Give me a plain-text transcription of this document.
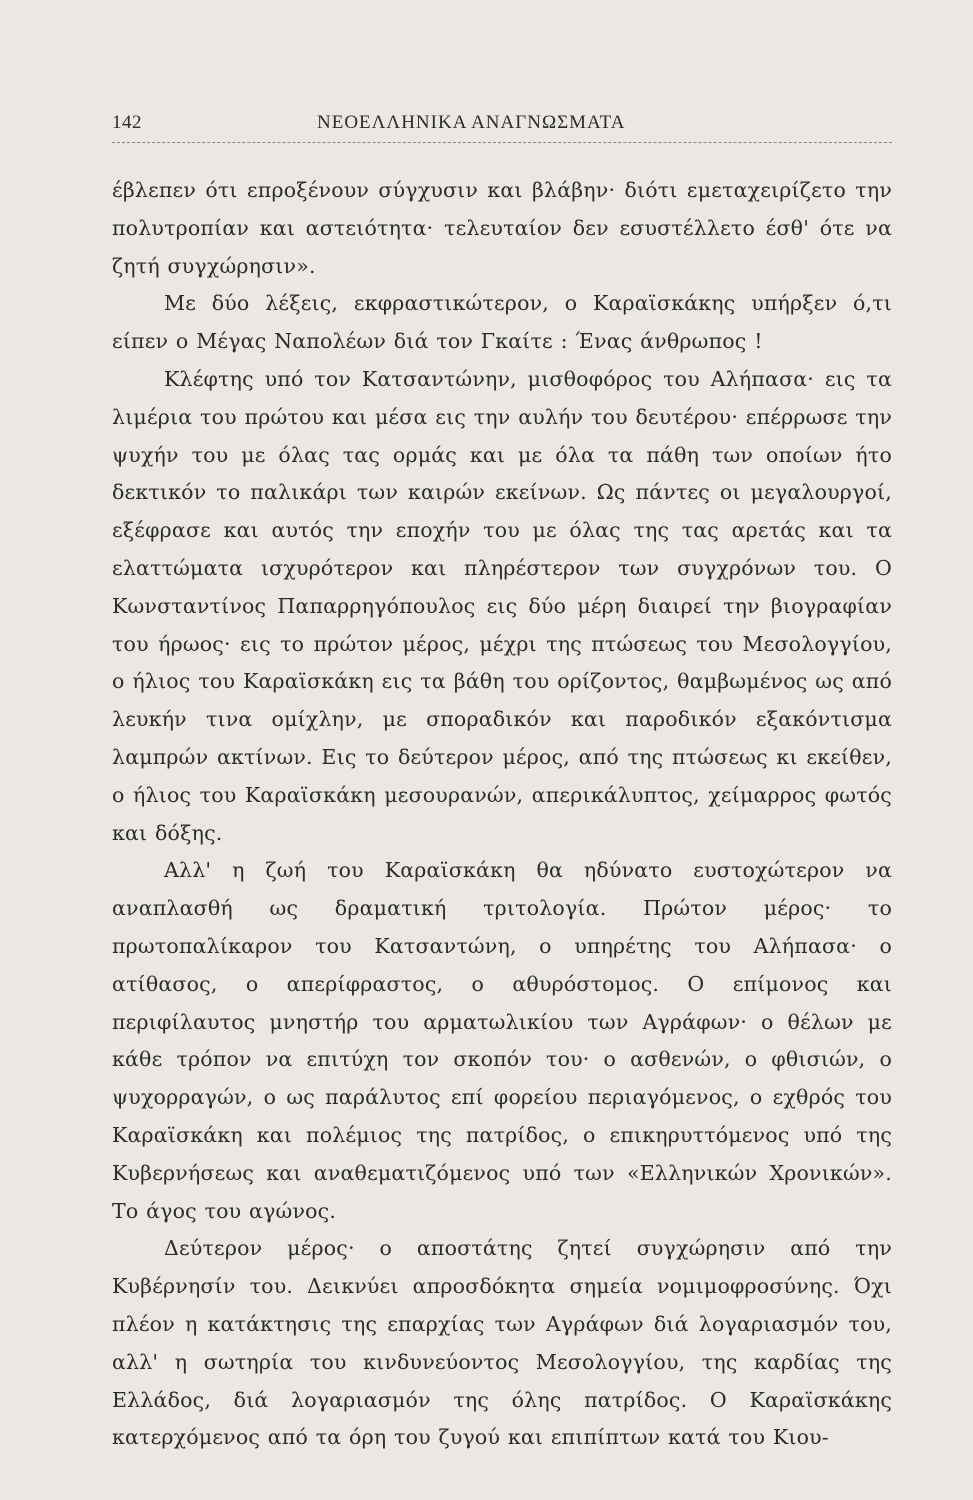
142	ΝΕΟΕΛΛΗΝΙΚΑ ΑΝΑΓΝΩΣΜΑΤΑ

έβλεπεν ότι επροξένουν σύγχυσιν και βλάβην· διότι εμεταχειρίζετο την πολυτροπίαν και αστειότητα· τελευταίον δεν εσυστέλλετο έσθ' ότε να ζητή συγχώρησιν».

Με δύο λέξεις, εκφραστικώτερον, ο Καραϊσκάκης υπήρξεν ό,τι είπεν ο Μέγας Ναπολέων διά τον Γκαίτε : Ένας άνθρωπος !

Κλέφτης υπό τον Κατσαντώνην, μισθοφόρος του Αλήπασα· εις τα λιμέρια του πρώτου και μέσα εις την αυλήν του δευτέρου· επέρρωσε την ψυχήν του με όλας τας ορμάς και με όλα τα πάθη των οποίων ήτο δεκτικόν το παλικάρι των καιρών εκείνων. Ως πάντες οι μεγαλουργοί, εξέφρασε και αυτός την εποχήν του με όλας της τας αρετάς και τα ελαττώματα ισχυρότερον και πληρέστερον των συγχρόνων του. Ο Κωνσταντίνος Παπαρρηγόπουλος εις δύο μέρη διαιρεί την βιογραφίαν του ήρωος· εις το πρώτον μέρος, μέχρι της πτώσεως του Μεσολογγίου, ο ήλιος του Καραϊσκάκη εις τα βάθη του ορίζοντος, θαμβωμένος ως από λευκήν τινα ομίχλην, με σποραδικόν και παροδικόν εξακόντισμα λαμπρών ακτίνων. Εις το δεύτερον μέρος, από της πτώσεως κι εκείθεν, ο ήλιος του Καραϊσκάκη μεσουρανών, απερικάλυπτος, χείμαρρος φωτός και δόξης.

Αλλ' η ζωή του Καραϊσκάκη θα ηδύνατο ευστοχώτερον να αναπλασθή ως δραματική τριτολογία. Πρώτον μέρος· το πρωτοπαλίκαρον του Κατσαντώνη, ο υπηρέτης του Αλήπασα· ο ατίθασος, ο απερίφραστος, ο αθυρόστομος. Ο επίμονος και περιφίλαυτος μνηστήρ του αρματωλικίου των Αγράφων· ο θέλων με κάθε τρόπον να επιτύχη τον σκοπόν του· ο ασθενών, ο φθισιών, ο ψυχορραγών, ο ως παράλυτος επί φορείου περιαγόμενος, ο εχθρός του Καραϊσκάκη και πολέμιος της πατρίδος, ο επικηρυττόμενος υπό της Κυβερνήσεως και αναθεματιζόμενος υπό των «Ελληνικών Χρονικών». Το άγος του αγώνος.

Δεύτερον μέρος· ο αποστάτης ζητεί συγχώρησιν από την Κυβέρνησίν του. Δεικνύει απροσδόκητα σημεία νομιμοφροσύνης. Όχι πλέον η κατάκτησις της επαρχίας των Αγράφων διά λογαριασμόν του, αλλ' η σωτηρία του κινδυνεύοντος Μεσολογγίου, της καρδίας της Ελλάδος, διά λογαριασμόν της όλης πατρίδος. Ο Καραϊσκάκης κατερχόμενος από τα όρη του ζυγού και επιπίπτων κατά του Κιου-
